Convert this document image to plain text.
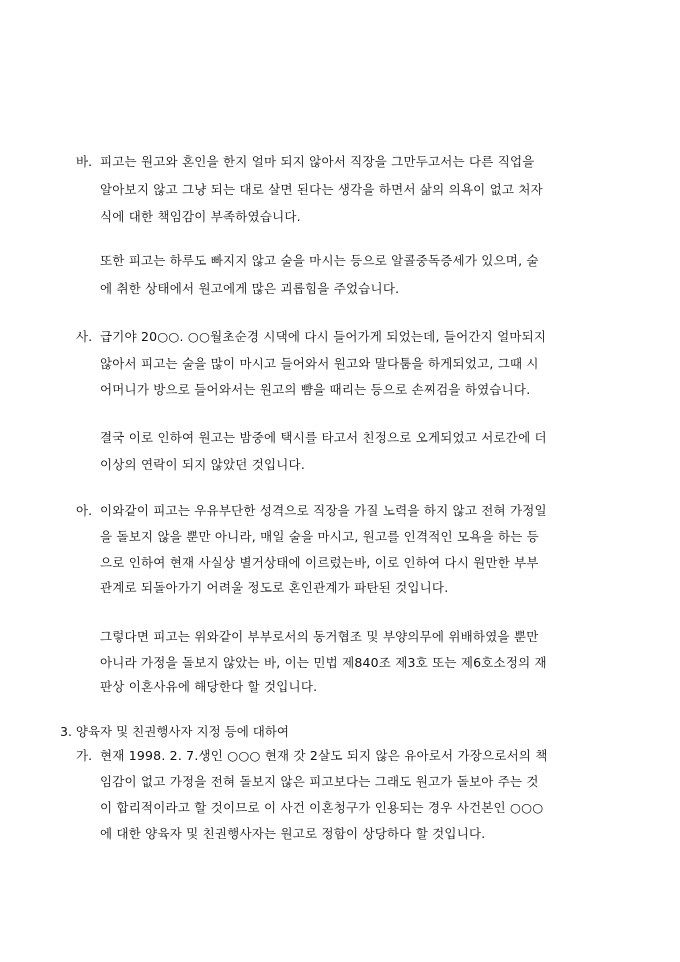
바. 피고는 원고와 혼인을 한지 얼마 되지 않아서 직장을 그만두고서는 다른 직업을
알아보지 않고 그냥 되는 대로 살면 된다는 생각을 하면서 삶의 의욕이 없고 처자
식에 대한 책임감이 부족하였습니다.
또한 피고는 하루도 빠지지 않고 술을 마시는 등으로 알콜중독증세가 있으며, 술
에 취한 상태에서 원고에게 많은 괴롭힘을 주었습니다.
사. 급기야 20○○. ○○월초순경 시댁에 다시 들어가게 되었는데, 들어간지 얼마되지
않아서 피고는 술을 많이 마시고 들어와서 원고와 말다툼을 하게되었고, 그때 시
어머니가 방으로 들어와서는 원고의 뺨을 때리는 등으로 손찌검을 하였습니다.
결국 이로 인하여 원고는 밤중에 택시를 타고서 친정으로 오게되었고 서로간에 더
이상의 연락이 되지 않았던 것입니다.
아. 이와같이 피고는 우유부단한 성격으로 직장을 가질 노력을 하지 않고 전혀 가정일
을 돌보지 않을 뿐만 아니라, 매일 술을 마시고, 원고를 인격적인 모욕을 하는 등
으로 인하여 현재 사실상 별거상태에 이르렀는바, 이로 인하여 다시 원만한 부부
관계로 되돌아가기 어려울 정도로 혼인관계가 파탄된 것입니다.
그렇다면 피고는 위와같이 부부로서의 동거협조 및 부양의무에 위배하였을 뿐만
아니라 가정을 돌보지 않았는 바, 이는 민법 제840조 제3호 또는 제6호소정의 재
판상 이혼사유에 해당한다 할 것입니다.
3. 양육자 및 친권행사자 지정 등에 대하여
가. 현재 1998. 2. 7.생인 ○○○ 현재 갓 2살도 되지 않은 유아로서 가장으로서의 책
임감이 없고 가정을 전혀 돌보지 않은 피고보다는 그래도 원고가 돌보아 주는 것
이 합리적이라고 할 것이므로 이 사건 이혼청구가 인용되는 경우 사건본인 ○○○
에 대한 양육자 및 친권행사자는 원고로 정함이 상당하다 할 것입니다.
